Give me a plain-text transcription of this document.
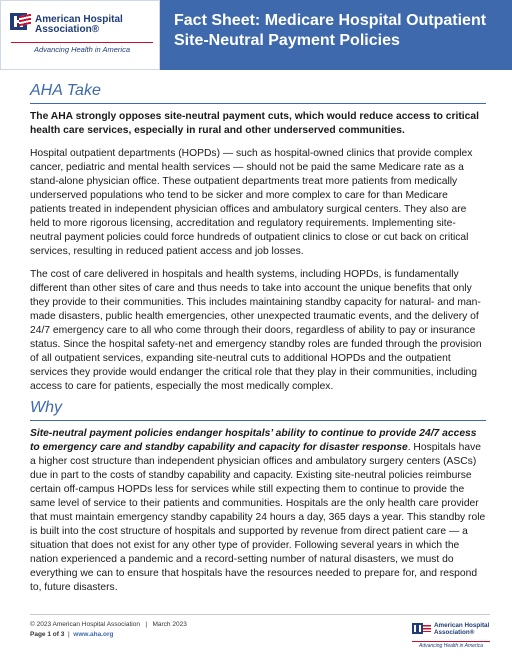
American Hospital
Association®
Advancing Health in America
Fact Sheet: Medicare Hospital Outpatient
Site-Neutral Payment Policies
AHA Take

The AHA strongly opposes site-neutral payment cuts, which would reduce access to critical health care services, especially in rural and other underserved communities.

Hospital outpatient departments (HOPDs) — such as hospital-owned clinics that provide complex cancer, pediatric and mental health services — should not be paid the same Medicare rate as a stand-alone physician office. These outpatient departments treat more patients from medically underserved populations who tend to be sicker and more complex to care for than Medicare patients treated in independent physician offices and ambulatory surgical centers. They also are held to more rigorous licensing, accreditation and regulatory requirements. Implementing site-neutral payment policies could force hundreds of outpatient clinics to close or cut back on critical services, resulting in reduced patient access and job losses.

The cost of care delivered in hospitals and health systems, including HOPDs, is fundamentally different than other sites of care and thus needs to take into account the unique benefits that only they provide to their communities. This includes maintaining standby capacity for natural- and man-made disasters, public health emergencies, other unexpected traumatic events, and the delivery of 24/7 emergency care to all who come through their doors, regardless of ability to pay or insurance status. Since the hospital safety-net and emergency standby roles are funded through the provision of all outpatient services, expanding site-neutral cuts to additional HOPDs and the outpatient services they provide would endanger the critical role that they play in their communities, including access to care for patients, especially the most medically complex.

Why

Site-neutral payment policies endanger hospitals’ ability to continue to provide 24/7 access to emergency care and standby capability and capacity for disaster response. Hospitals have a higher cost structure than independent physician offices and ambulatory surgery centers (ASCs) due in part to the costs of standby capability and capacity. Existing site-neutral policies reimburse certain off-campus HOPDs less for services while still expecting them to continue to provide the same level of service to their patients and communities. Hospitals are the only health care provider that must maintain emergency standby capability 24 hours a day, 365 days a year. This standby role is built into the cost structure of hospitals and supported by revenue from direct patient care — a situation that does not exist for any other type of provider. Following several years in which the nation experienced a pandemic and a record-setting number of natural disasters, we must do everything we can to ensure that hospitals have the resources needed to prepare for, and respond to, future disasters.

© 2023 American Hospital Association | March 2023
Page 1 of 3 | www.aha.org
American Hospital
Association®
Advancing Health in America
